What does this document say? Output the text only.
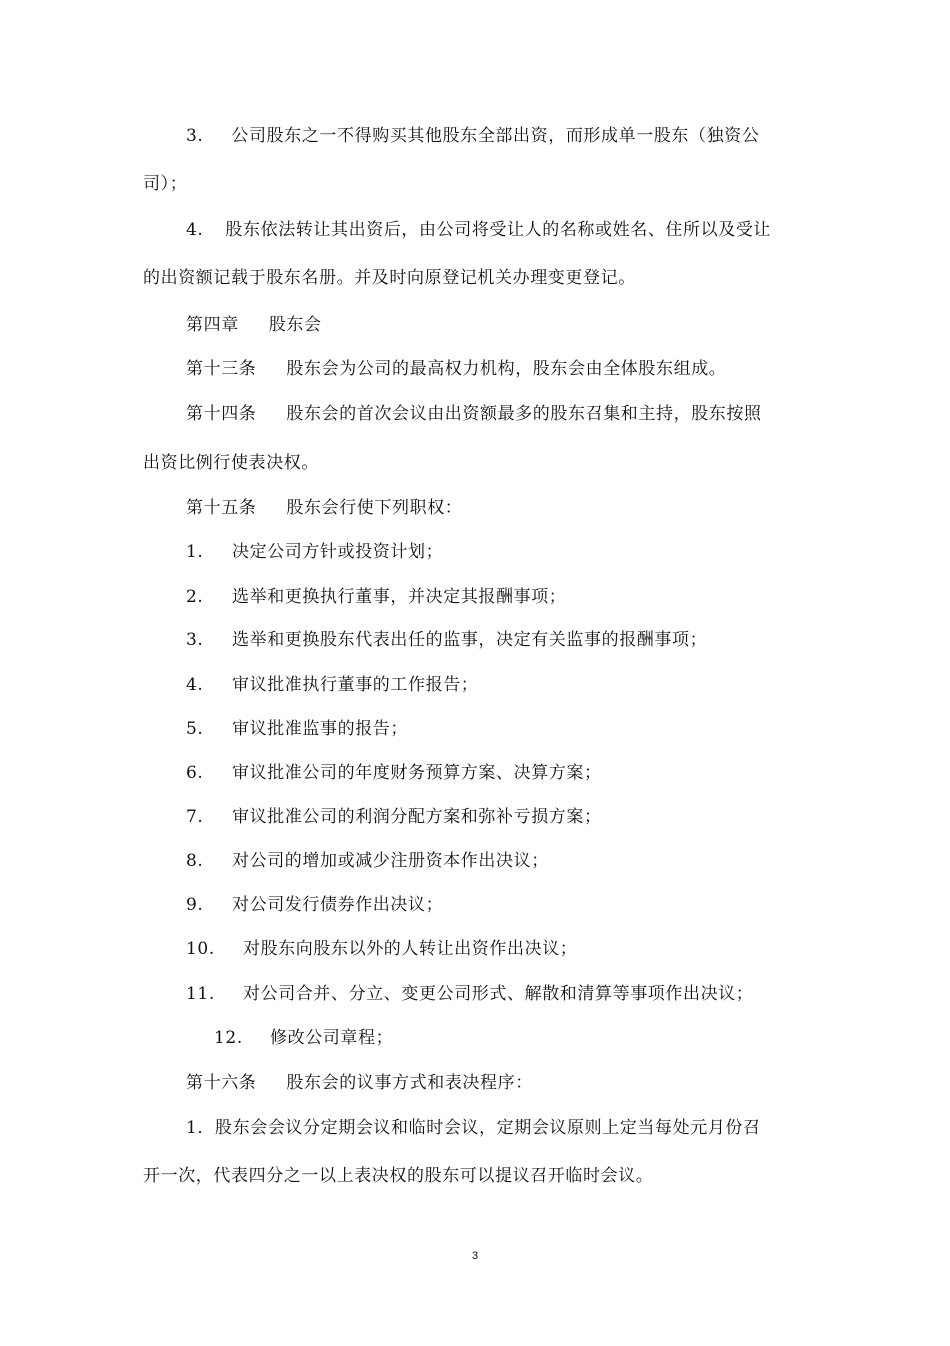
3. 公司股东之一不得购买其他股东全部出资，而形成单一股东（独资公
司）；
4. 股东依法转让其出资后，由公司将受让人的名称或姓名、住所以及受让
的出资额记载于股东名册。并及时向原登记机关办理变更登记。
第四章 股东会
第十三条 股东会为公司的最高权力机构，股东会由全体股东组成。
第十四条 股东会的首次会议由出资额最多的股东召集和主持，股东按照
出资比例行使表决权。
第十五条 股东会行使下列职权：
1. 决定公司方针或投资计划；
2. 选举和更换执行董事，并决定其报酬事项；
3. 选举和更换股东代表出任的监事，决定有关监事的报酬事项；
4. 审议批准执行董事的工作报告；
5. 审议批准监事的报告；
6. 审议批准公司的年度财务预算方案、决算方案；
7. 审议批准公司的利润分配方案和弥补亏损方案；
8. 对公司的增加或减少注册资本作出决议；
9. 对公司发行债券作出决议；
10. 对股东向股东以外的人转让出资作出决议；
11. 对公司合并、分立、变更公司形式、解散和清算等事项作出决议；
12. 修改公司章程；
第十六条 股东会的议事方式和表决程序：
1．股东会会议分定期会议和临时会议，定期会议原则上定当每处元月份召
开一次，代表四分之一以上表决权的股东可以提议召开临时会议。
3
